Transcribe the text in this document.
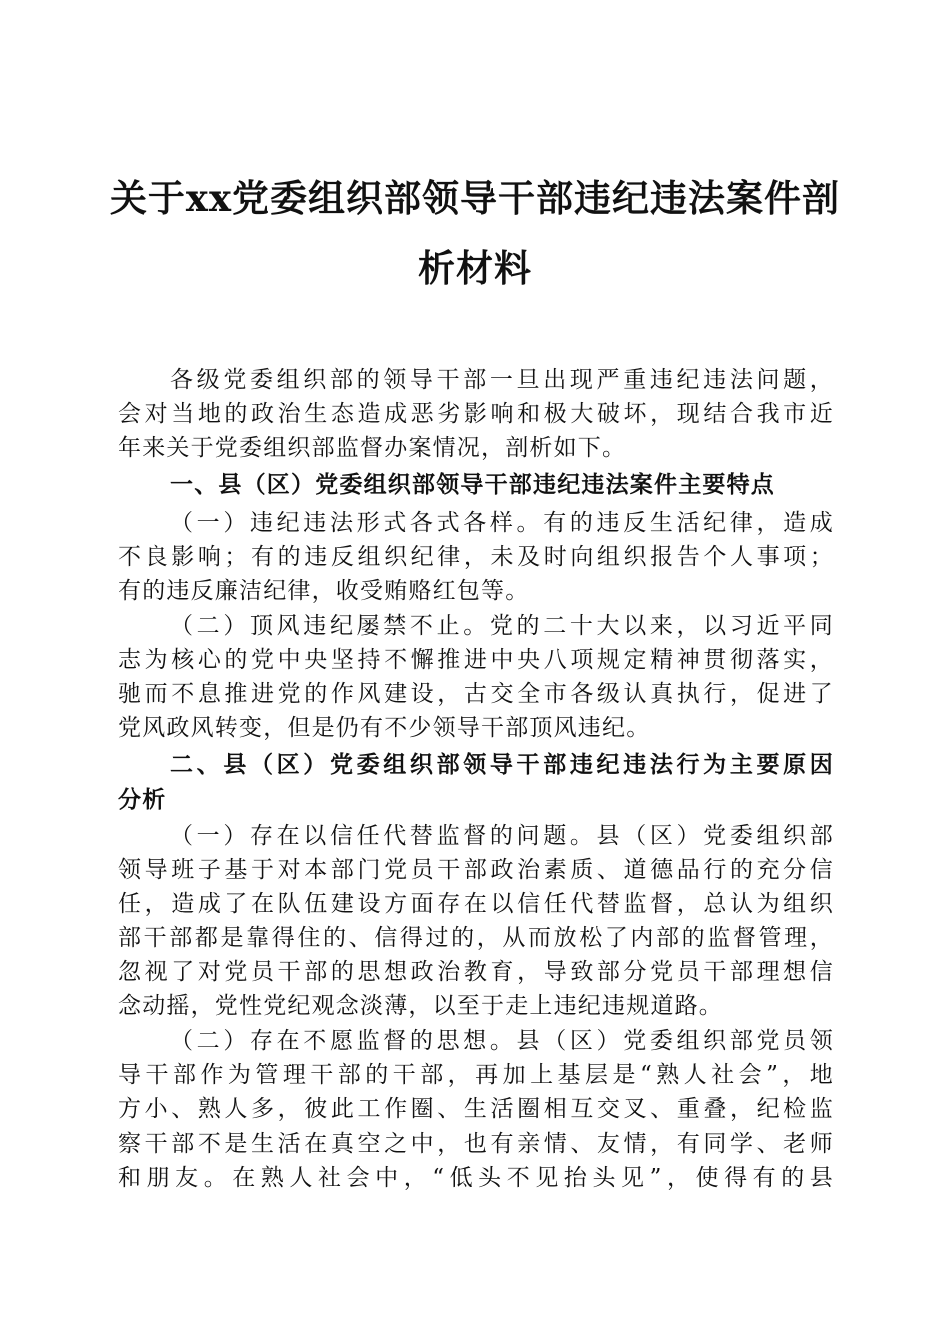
关于xx党委组织部领导干部违纪违法案件剖
析材料
各级党委组织部的领导干部一旦出现严重违纪违法问题，
会对当地的政治生态造成恶劣影响和极大破坏，现结合我市近
年来关于党委组织部监督办案情况，剖析如下。
一、县（区）党委组织部领导干部违纪违法案件主要特点
（一）违纪违法形式各式各样。有的违反生活纪律，造成
不良影响；有的违反组织纪律，未及时向组织报告个人事项；
有的违反廉洁纪律，收受贿赂红包等。
（二）顶风违纪屡禁不止。党的二十大以来，以习近平同
志为核心的党中央坚持不懈推进中央八项规定精神贯彻落实，
驰而不息推进党的作风建设，古交全市各级认真执行，促进了
党风政风转变，但是仍有不少领导干部顶风违纪。
二、县（区）党委组织部领导干部违纪违法行为主要原因
分析
（一）存在以信任代替监督的问题。县（区）党委组织部
领导班子基于对本部门党员干部政治素质、道德品行的充分信
任，造成了在队伍建设方面存在以信任代替监督，总认为组织
部干部都是靠得住的、信得过的，从而放松了内部的监督管理，
忽视了对党员干部的思想政治教育，导致部分党员干部理想信
念动摇，党性党纪观念淡薄，以至于走上违纪违规道路。
（二）存在不愿监督的思想。县（区）党委组织部党员领
导干部作为管理干部的干部，再加上基层是“熟人社会”，地
方小、熟人多，彼此工作圈、生活圈相互交叉、重叠，纪检监
察干部不是生活在真空之中，也有亲情、友情，有同学、老师
和朋友。在熟人社会中，“低头不见抬头见”，使得有的县
